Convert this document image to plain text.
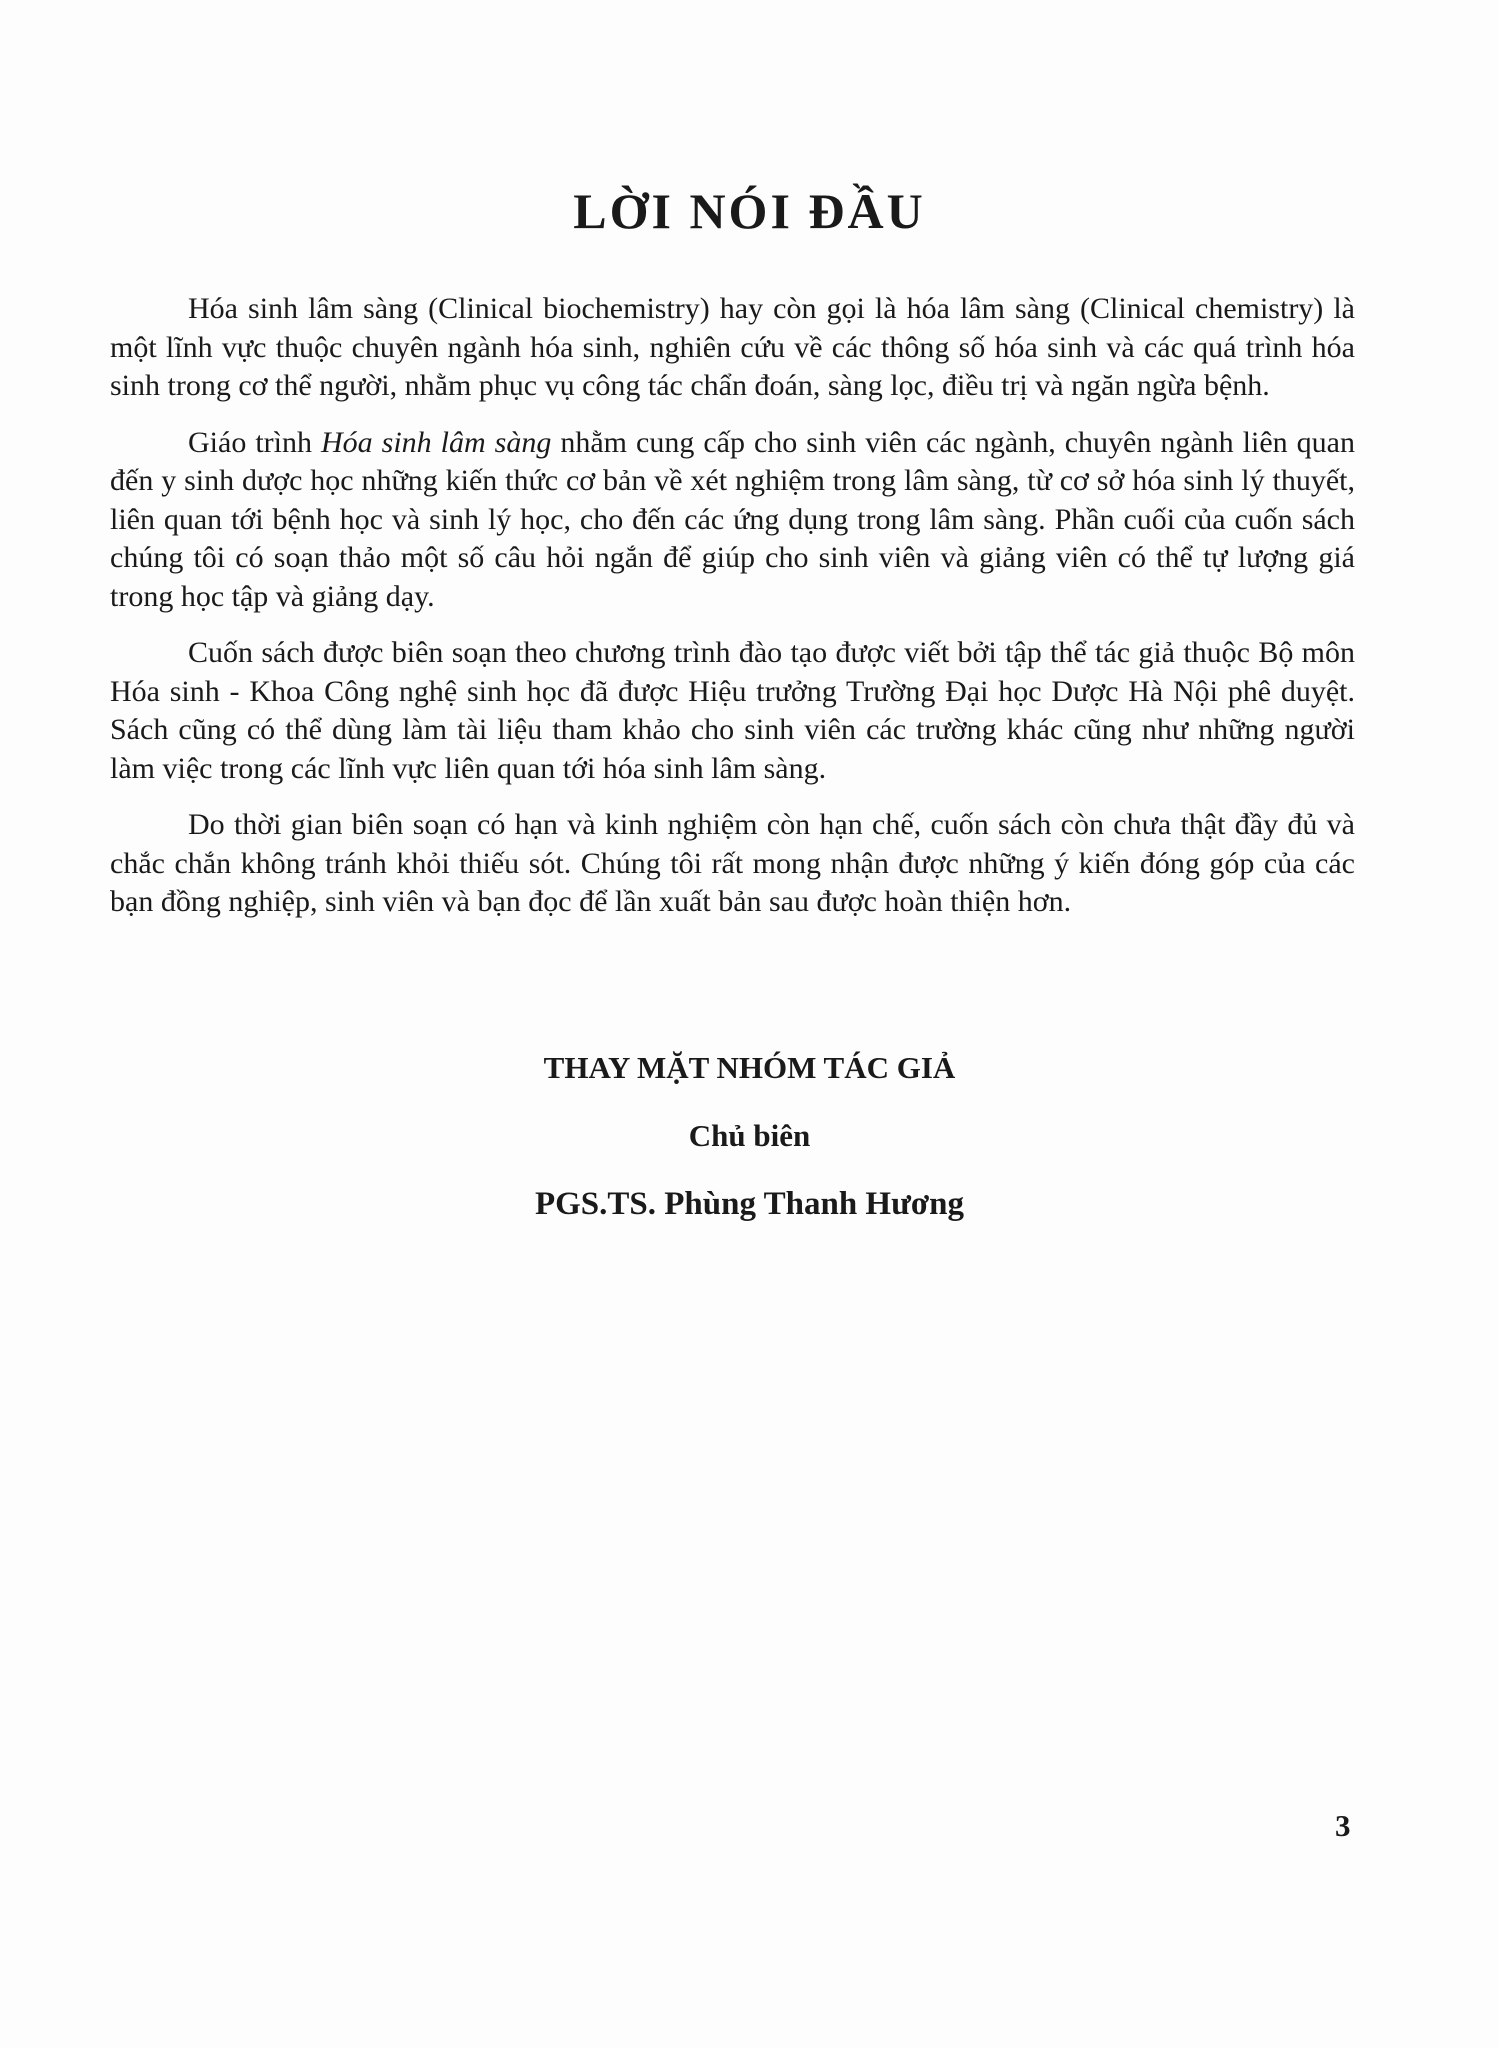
LỜI NÓI ĐẦU

Hóa sinh lâm sàng (Clinical biochemistry) hay còn gọi là hóa lâm sàng (Clinical chemistry) là một lĩnh vực thuộc chuyên ngành hóa sinh, nghiên cứu về các thông số hóa sinh và các quá trình hóa sinh trong cơ thể người, nhằm phục vụ công tác chẩn đoán, sàng lọc, điều trị và ngăn ngừa bệnh.

Giáo trình Hóa sinh lâm sàng nhằm cung cấp cho sinh viên các ngành, chuyên ngành liên quan đến y sinh dược học những kiến thức cơ bản về xét nghiệm trong lâm sàng, từ cơ sở hóa sinh lý thuyết, liên quan tới bệnh học và sinh lý học, cho đến các ứng dụng trong lâm sàng. Phần cuối của cuốn sách chúng tôi có soạn thảo một số câu hỏi ngắn để giúp cho sinh viên và giảng viên có thể tự lượng giá trong học tập và giảng dạy.

Cuốn sách được biên soạn theo chương trình đào tạo được viết bởi tập thể tác giả thuộc Bộ môn Hóa sinh - Khoa Công nghệ sinh học đã được Hiệu trưởng Trường Đại học Dược Hà Nội phê duyệt. Sách cũng có thể dùng làm tài liệu tham khảo cho sinh viên các trường khác cũng như những người làm việc trong các lĩnh vực liên quan tới hóa sinh lâm sàng.

Do thời gian biên soạn có hạn và kinh nghiệm còn hạn chế, cuốn sách còn chưa thật đầy đủ và chắc chắn không tránh khỏi thiếu sót. Chúng tôi rất mong nhận được những ý kiến đóng góp của các bạn đồng nghiệp, sinh viên và bạn đọc để lần xuất bản sau được hoàn thiện hơn.

THAY MẶT NHÓM TÁC GIẢ
Chủ biên
PGS.TS. Phùng Thanh Hương
3
